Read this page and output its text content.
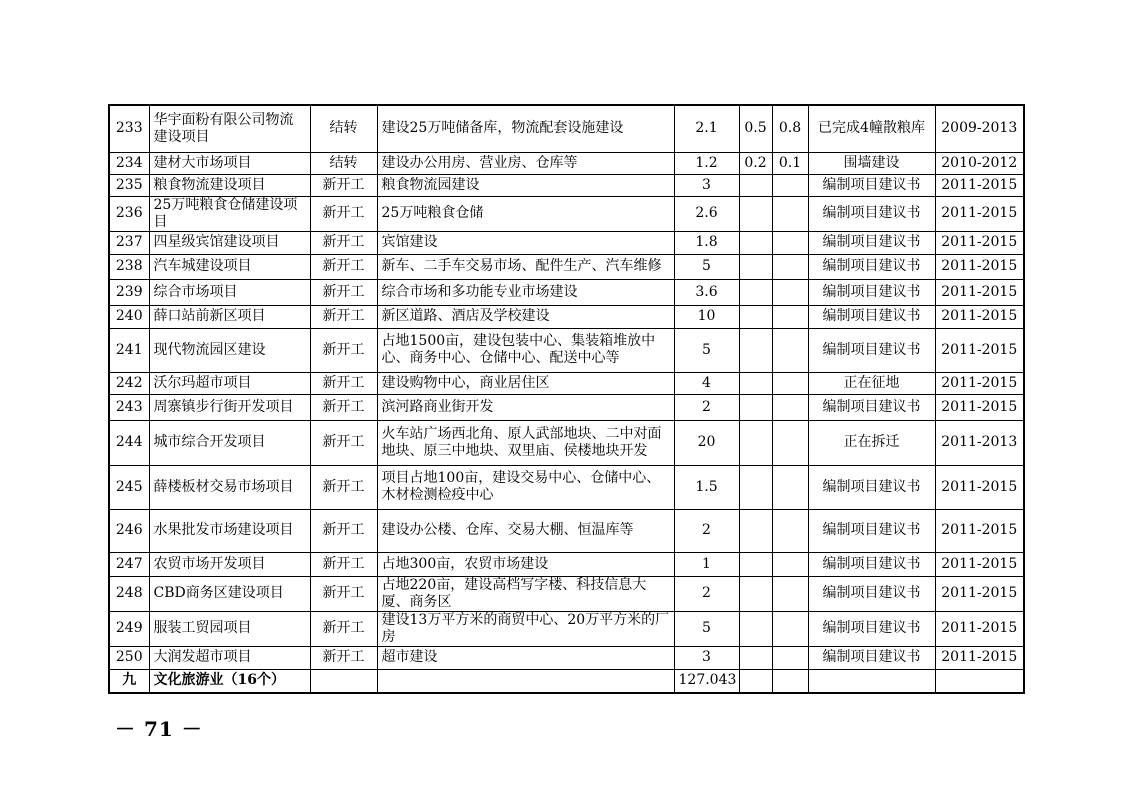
233	华宇面粉有限公司物流建设项目	结转	建设25万吨储备库，物流配套设施建设	2.1	0.5	0.8	已完成4幢散粮库	2009-2013
234	建材大市场项目	结转	建设办公用房、营业房、仓库等	1.2	0.2	0.1	围墙建设	2010-2012
235	粮食物流建设项目	新开工	粮食物流园建设	3			编制项目建议书	2011-2015
236	25万吨粮食仓储建设项目	新开工	25万吨粮食仓储	2.6			编制项目建议书	2011-2015
237	四星级宾馆建设项目	新开工	宾馆建设	1.8			编制项目建议书	2011-2015
238	汽车城建设项目	新开工	新车、二手车交易市场、配件生产、汽车维修	5			编制项目建议书	2011-2015
239	综合市场项目	新开工	综合市场和多功能专业市场建设	3.6			编制项目建议书	2011-2015
240	薛口站前新区项目	新开工	新区道路、酒店及学校建设	10			编制项目建议书	2011-2015
241	现代物流园区建设	新开工	占地1500亩，建设包装中心、集装箱堆放中心、商务中心、仓储中心、配送中心等	5			编制项目建议书	2011-2015
242	沃尔玛超市项目	新开工	建设购物中心，商业居住区	4			正在征地	2011-2015
243	周寨镇步行街开发项目	新开工	滨河路商业街开发	2			编制项目建议书	2011-2015
244	城市综合开发项目	新开工	火车站广场西北角、原人武部地块、二中对面地块、原三中地块、双里庙、侯楼地块开发	20			正在拆迁	2011-2013
245	薛楼板材交易市场项目	新开工	项目占地100亩，建设交易中心、仓储中心、木材检测检疫中心	1.5			编制项目建议书	2011-2015
246	水果批发市场建设项目	新开工	建设办公楼、仓库、交易大棚、恒温库等	2			编制项目建议书	2011-2015
247	农贸市场开发项目	新开工	占地300亩，农贸市场建设	1			编制项目建议书	2011-2015
248	CBD商务区建设项目	新开工	占地220亩，建设高档写字楼、科技信息大厦、商务区	2			编制项目建议书	2011-2015
249	服装工贸园项目	新开工	建设13万平方米的商贸中心、20万平方米的厂房	5			编制项目建议书	2011-2015
250	大润发超市项目	新开工	超市建设	3			编制项目建议书	2011-2015
九	文化旅游业（16个）			127.043				
－ 71 －
